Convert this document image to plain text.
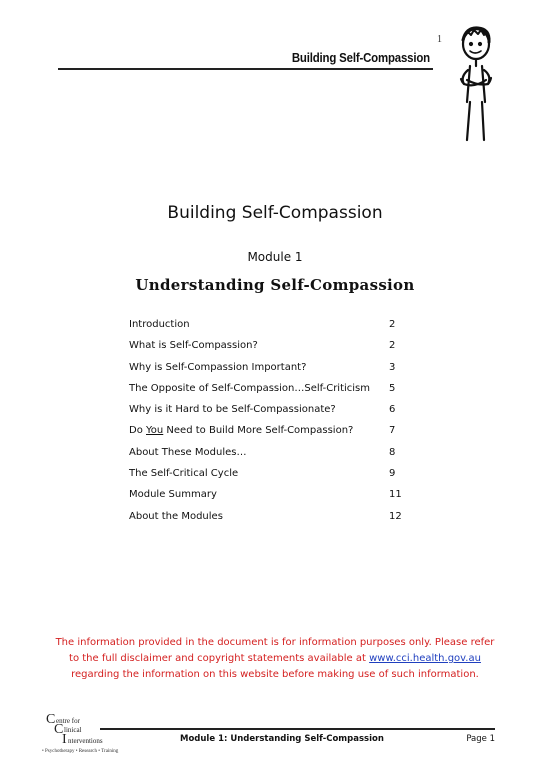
1
Building Self-Compassion
Building Self-Compassion
Module 1
Understanding Self-Compassion
Introduction	2
What is Self-Compassion?	2
Why is Self-Compassion Important?	3
The Opposite of Self-Compassion…Self-Criticism 5
Why is it Hard to be Self-Compassionate?	6
Do You Need to Build More Self-Compassion?	7
About These Modules…	8
The Self-Critical Cycle	9
Module Summary	11
About the Modules	12
The information provided in the document is for information purposes only. Please refer to the full disclaimer and copyright statements available at www.cci.health.gov.au regarding the information on this website before making use of such information.
C entre for
C linical
I nterventions
• Psychotherapy • Research • Training
Module 1: Understanding Self-Compassion	Page 1
